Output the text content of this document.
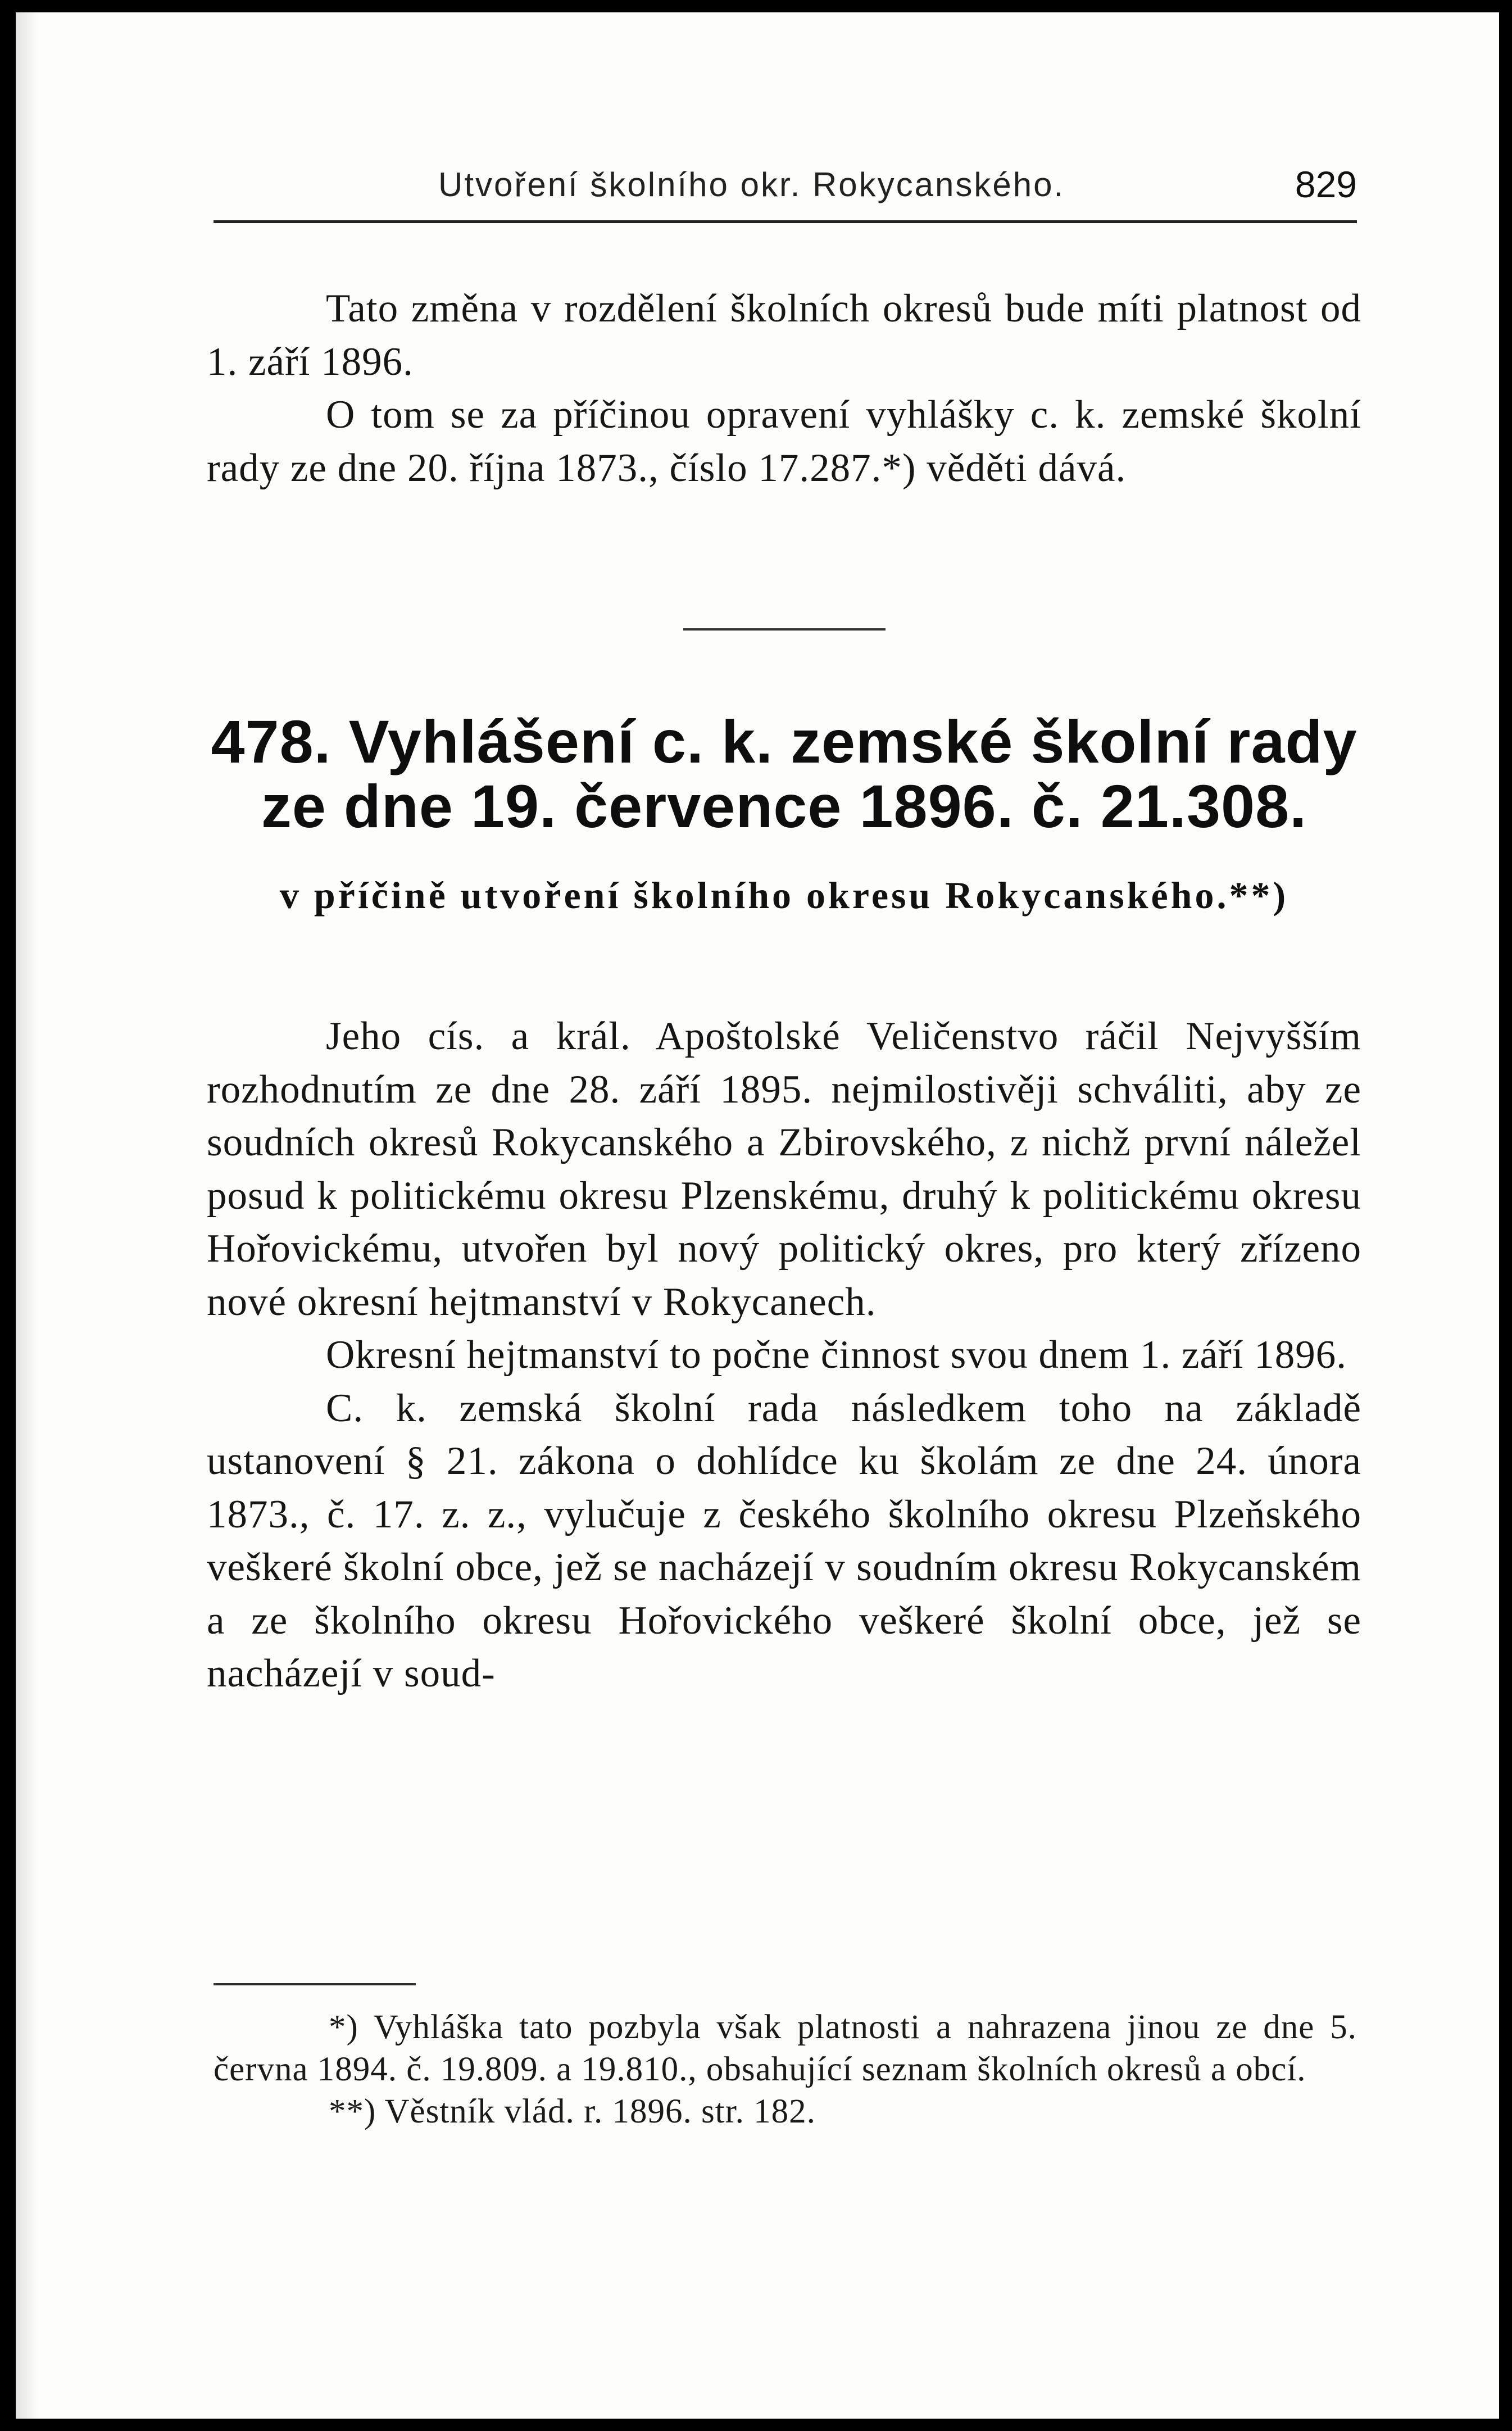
Utvoření školního okr. Rokycanského.	829

Tato změna v rozdělení školních okresů bude míti platnost od 1. září 1896.

O tom se za příčinou opravení vyhlášky c. k. zemské školní rady ze dne 20. října 1873., číslo 17.287.*) věděti dává.

478. Vyhlášení c. k. zemské školní rady
ze dne 19. července 1896. č. 21.308.
v příčině utvoření školního okresu Rokycanského.**)

Jeho cís. a král. Apoštolské Veličenstvo ráčil Nejvyšším rozhodnutím ze dne 28. září 1895. nejmilostivěji schváliti, aby ze soudních okresů Rokycanského a Zbirovského, z nichž první náležel posud k politickému okresu Plzenskému, druhý k politickému okresu Hořovickému, utvořen byl nový politický okres, pro který zřízeno nové okresní hejtmanství v Rokycanech.

Okresní hejtmanství to počne činnost svou dnem 1. září 1896.

C. k. zemská školní rada následkem toho na základě ustanovení § 21. zákona o dohlídce ku školám ze dne 24. února 1873., č. 17. z. z., vylučuje z českého školního okresu Plzeňského veškeré školní obce, jež se nacházejí v soudním okresu Rokycanském a ze školního okresu Hořovického veškeré školní obce, jež se nacházejí v soud-

*) Vyhláška tato pozbyla však platnosti a nahrazena jinou ze dne 5. června 1894. č. 19.809. a 19.810., obsahující seznam školních okresů a obcí.

**) Věstník vlád. r. 1896. str. 182.
